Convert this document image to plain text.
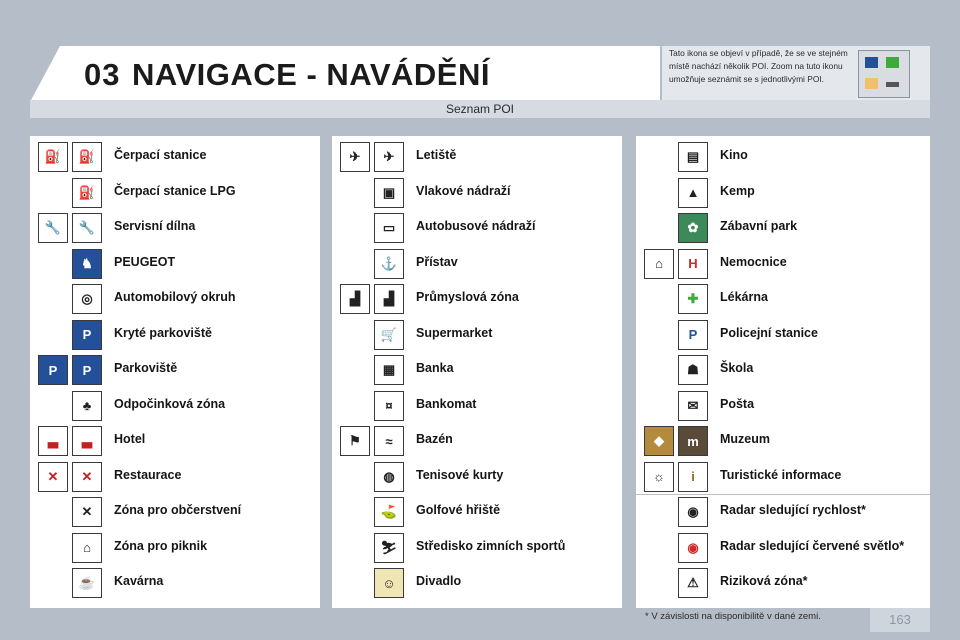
03 NAVIGACE - NAVÁDĚNÍ
Tato ikona se objeví v případě, že se ve stejném místě nachází několik POI. Zoom na tuto ikonu umožňuje seznámit se s jednotlivými POI.
Seznam POI
⛽	⛽	Čerpací stanice
⛽	Čerpací stanice LPG
🔧	🔧	Servisní dílna
♞	PEUGEOT
◎	Automobilový okruh
P	Kryté parkoviště
P	P	Parkoviště
♣	Odpočinková zóna
▃	▃	Hotel
✕	✕	Restaurace
✕	Zóna pro občerstvení
⌂	Zóna pro piknik
☕	Kavárna
✈	✈	Letiště
▣	Vlakové nádraží
▭	Autobusové nádraží
⚓	Přístav
▟	▟	Průmyslová zóna
🛒	Supermarket
▦	Banka
¤	Bankomat
⚑	≈	Bazén
◍	Tenisové kurty
⛳	Golfové hřiště
⛷	Středisko zimních sportů
☺	Divadlo
▤	Kino
▲	Kemp
✿	Zábavní park
⌂	H	Nemocnice
✚	Lékárna
P	Policejní stanice
☗	Škola
✉	Pošta
◆	m	Muzeum
☼	i	Turistické informace
◉	Radar sledující rychlost*
◉	Radar sledující červené světlo*
⚠	Riziková zóna*
* V závislosti na disponibilitě v dané zemi.	163
